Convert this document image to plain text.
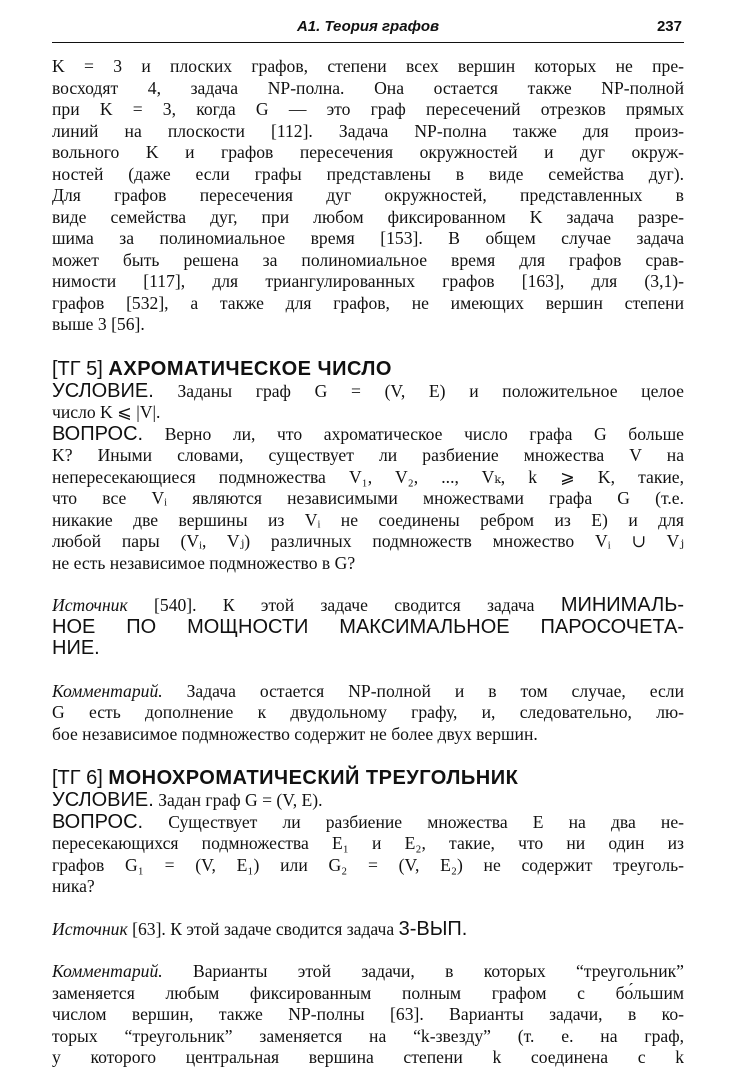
А1. Теория графов	237
K = 3 и плоских графов, степени всех вершин которых не пре-
восходят 4, задача NP-полна. Она остается также NP-полной
при K = 3, когда G — это граф пересечений отрезков прямых
линий на плоскости [112]. Задача NP-полна также для произ-
вольного K и графов пересечения окружностей и дуг окруж-
ностей (даже если графы представлены в виде семейства дуг).
Для графов пересечения дуг окружностей, представленных в
виде семейства дуг, при любом фиксированном K задача разре-
шима за полиномиальное время [153]. В общем случае задача
может быть решена за полиномиальное время для графов срав-
нимости [117], для триангулированных графов [163], для (3,1)-
графов [532], а также для графов, не имеющих вершин степени
выше 3 [56].
[ТГ 5] АХРОМАТИЧЕСКОЕ ЧИСЛО
УСЛОВИЕ. Заданы граф G = (V, E) и положительное целое
число K ⩽ |V|.
ВОПРОС. Верно ли, что ахроматическое число графа G больше
K? Иными словами, существует ли разбиение множества V на
непересекающиеся подмножества V₁, V₂, ..., Vₖ, k ⩾ K, такие,
что все Vᵢ являются независимыми множествами графа G (т.е.
никакие две вершины из Vᵢ не соединены ребром из E) и для
любой пары (Vᵢ, Vⱼ) различных подмножеств множество Vᵢ ∪ Vⱼ
не есть независимое подмножество в G?
Источник [540]. К этой задаче сводится задача МИНИМАЛЬ-
НОЕ ПО МОЩНОСТИ МАКСИМАЛЬНОЕ ПАРОСОЧЕТА-
НИЕ.
Комментарий. Задача остается NP-полной и в том случае, если
G есть дополнение к двудольному графу, и, следовательно, лю-
бое независимое подмножество содержит не более двух вершин.
[ТГ 6] МОНОХРОМАТИЧЕСКИЙ ТРЕУГОЛЬНИК
УСЛОВИЕ. Задан граф G = (V, E).
ВОПРОС. Существует ли разбиение множества E на два не-
пересекающихся подмножества E₁ и E₂, такие, что ни один из
графов G₁ = (V, E₁) или G₂ = (V, E₂) не содержит треуголь-
ника?
Источник [63]. К этой задаче сводится задача 3-ВЫП.
Комментарий. Варианты этой задачи, в которых “треугольник”
заменяется любым фиксированным полным графом с бо́льшим
числом вершин, также NP-полны [63]. Варианты задачи, в ко-
торых “треугольник” заменяется на “k-звезду” (т. е. на граф,
у которого центральная вершина степени k соединена с k
